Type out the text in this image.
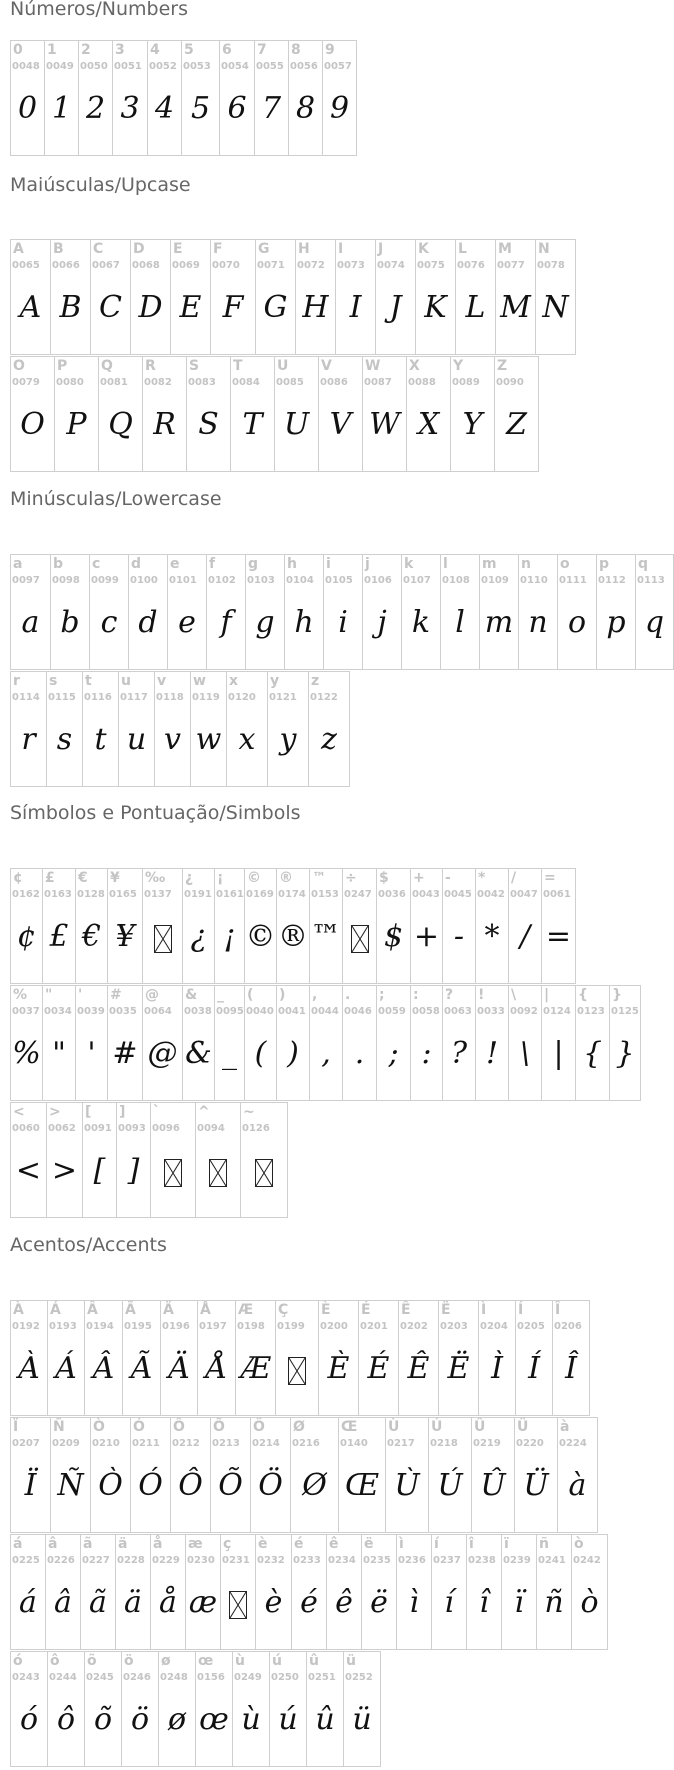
Números/Numbers
0
0048
0
1
0049
1
2
0050
2
3
0051
3
4
0052
4
5
0053
5
6
0054
6
7
0055
7
8
0056
8
9
0057
9
Maiúsculas/Upcase
A
0065
A
B
0066
B
C
0067
C
D
0068
D
E
0069
E
F
0070
F
G
0071
G
H
0072
H
I
0073
I
J
0074
J
K
0075
K
L
0076
L
M
0077
M
N
0078
N
O
0079
O
P
0080
P
Q
0081
Q
R
0082
R
S
0083
S
T
0084
T
U
0085
U
V
0086
V
W
0087
W
X
0088
X
Y
0089
Y
Z
0090
Z
Minúsculas/Lowercase
a
0097
a
b
0098
b
c
0099
c
d
0100
d
e
0101
e
f
0102
f
g
0103
g
h
0104
h
i
0105
i
j
0106
j
k
0107
k
l
0108
l
m
0109
m
n
0110
n
o
0111
o
p
0112
p
q
0113
q
r
0114
r
s
0115
s
t
0116
t
u
0117
u
v
0118
v
w
0119
w
x
0120
x
y
0121
y
z
0122
z
Símbolos e Pontuação/Simbols
¢
0162
¢
£
0163
£
€
0128
€
¥
0165
¥
‰
0137
¿
0191
¿
¡
0161
¡
©
0169
©
®
0174
®
™
0153
™
÷
0247
$
0036
$
+
0043
+
-
0045
-
*
0042
*
/
0047
/
=
0061
=
%
0037
%
"
0034
"
'
0039
'
#
0035
#
@
0064
@
&
0038
&
_
0095
_
(
0040
(
)
0041
)
,
0044
,
.
0046
.
;
0059
;
:
0058
:
?
0063
?
!
0033
!
\
0092
\
|
0124
|
{
0123
{
}
0125
}
<
0060
<
>
0062
>
[
0091
[
]
0093
]
`
0096
^
0094
~
0126
Acentos/Accents
À
0192
À
Á
0193
Á
Â
0194
Â
Ã
0195
Ã
Ä
0196
Ä
Å
0197
Å
Æ
0198
Æ
Ç
0199
È
0200
È
É
0201
É
Ê
0202
Ê
Ë
0203
Ë
Ì
0204
Ì
Í
0205
Í
Î
0206
Î
Ï
0207
Ï
Ñ
0209
Ñ
Ò
0210
Ò
Ó
0211
Ó
Ô
0212
Ô
Õ
0213
Õ
Ö
0214
Ö
Ø
0216
Ø
Œ
0140
Œ
Ù
0217
Ù
Ú
0218
Ú
Û
0219
Û
Ü
0220
Ü
à
0224
à
á
0225
á
â
0226
â
ã
0227
ã
ä
0228
ä
å
0229
å
æ
0230
æ
ç
0231
è
0232
è
é
0233
é
ê
0234
ê
ë
0235
ë
ì
0236
ì
í
0237
í
î
0238
î
ï
0239
ï
ñ
0241
ñ
ò
0242
ò
ó
0243
ó
ô
0244
ô
õ
0245
õ
ö
0246
ö
ø
0248
ø
œ
0156
œ
ù
0249
ù
ú
0250
ú
û
0251
û
ü
0252
ü
